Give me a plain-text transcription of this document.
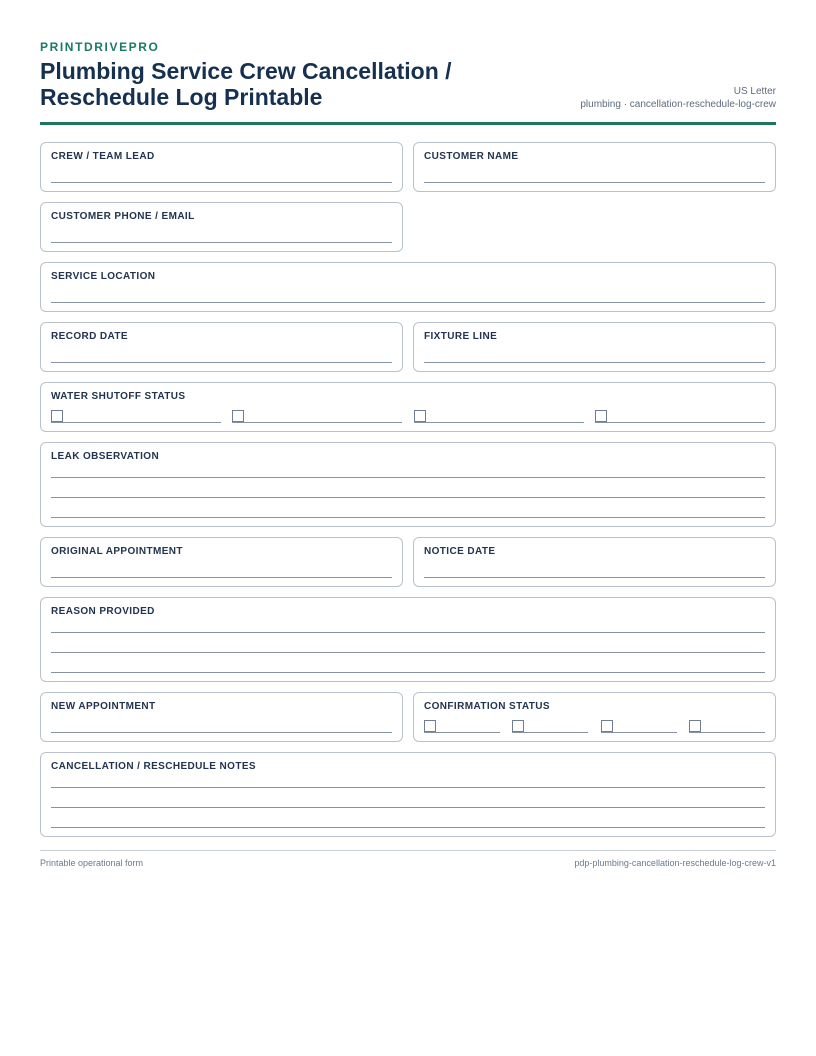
PRINTDRIVEPRO
Plumbing Service Crew Cancellation / Reschedule Log Printable	US Letter
plumbing · cancellation-reschedule-log-crew
CREW / TEAM LEAD	CUSTOMER NAME
CUSTOMER PHONE / EMAIL
SERVICE LOCATION
RECORD DATE	FIXTURE LINE
WATER SHUTOFF STATUS
LEAK OBSERVATION
ORIGINAL APPOINTMENT	NOTICE DATE
REASON PROVIDED
NEW APPOINTMENT	CONFIRMATION STATUS
CANCELLATION / RESCHEDULE NOTES
Printable operational form	pdp-plumbing-cancellation-reschedule-log-crew-v1
